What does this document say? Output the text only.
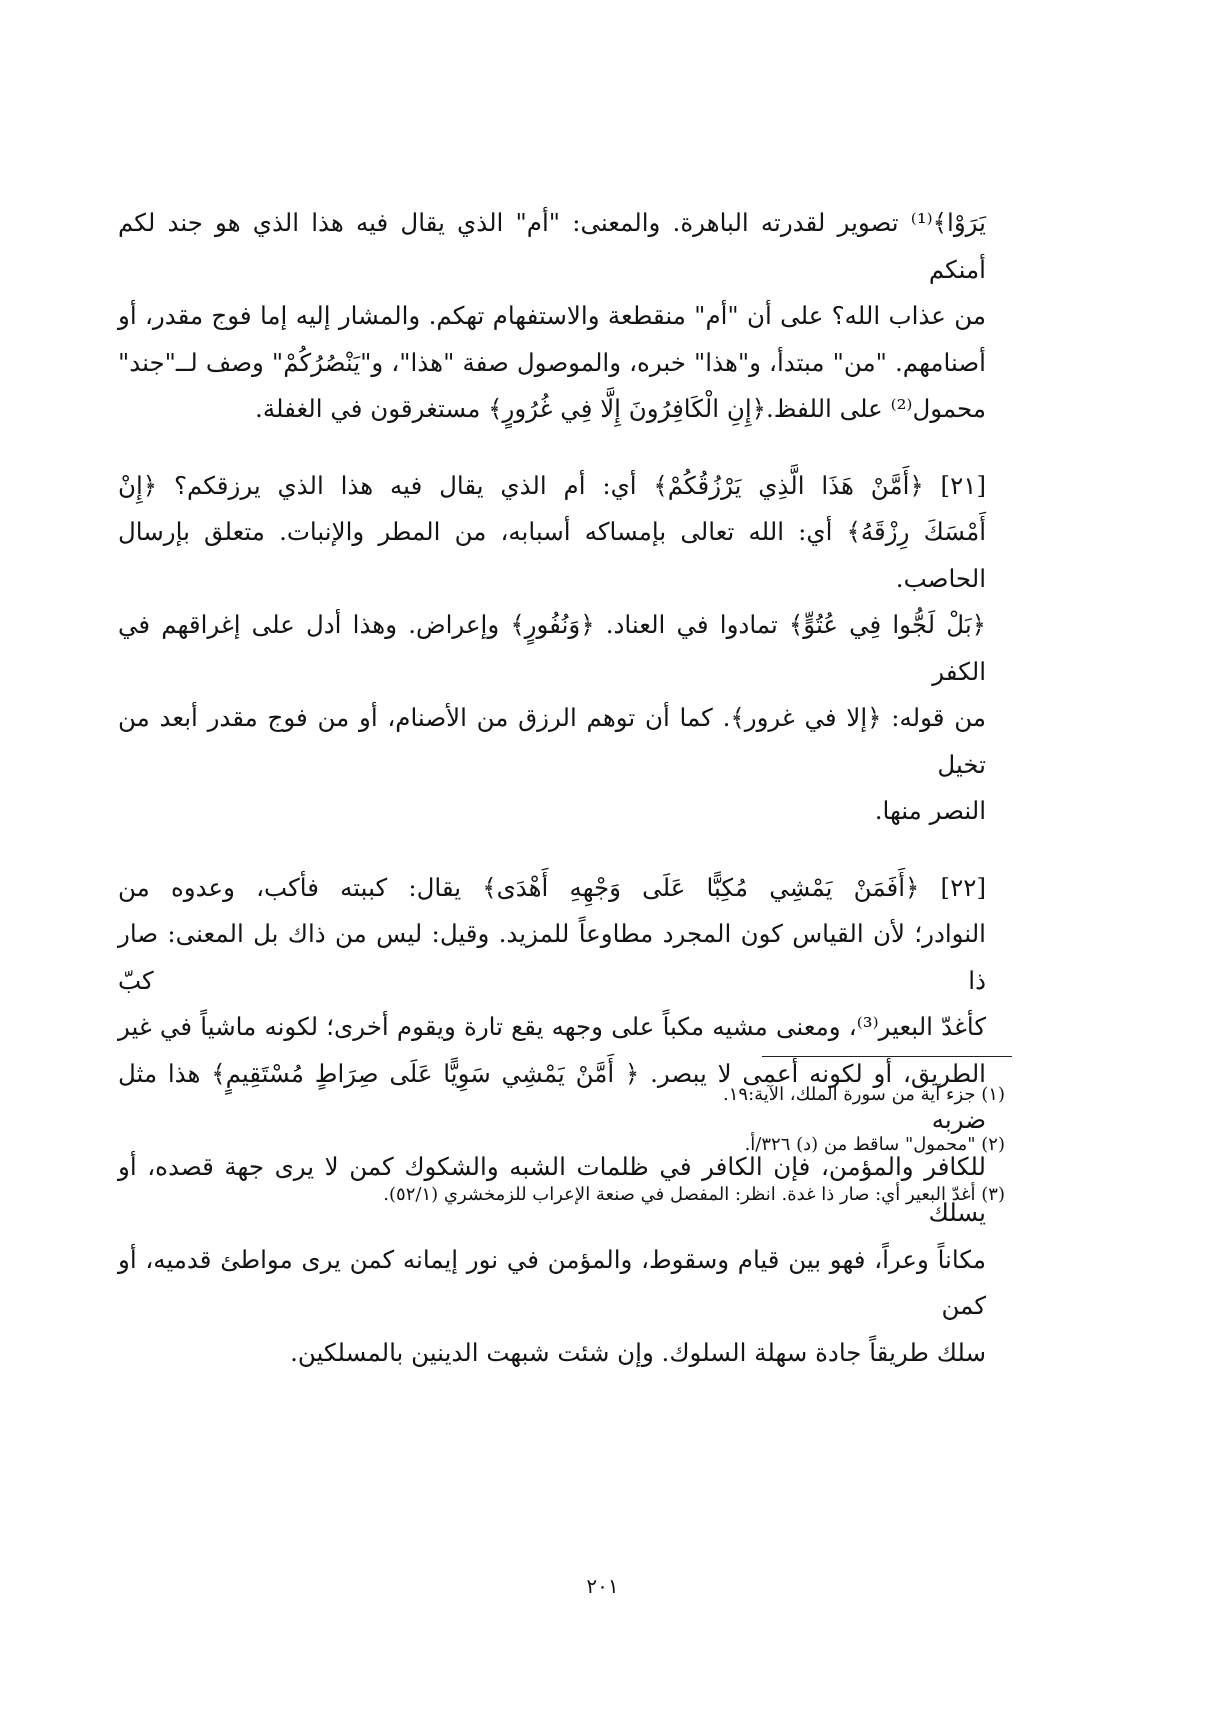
يَرَوْا﴾⁽¹⁾ تصوير لقدرته الباهرة. والمعنى: "أم" الذي يقال فيه هذا الذي هو جند لكم أمنكم
من عذاب الله؟ على أن "أم" منقطعة والاستفهام تهكم. والمشار إليه إما فوج مقدر، أو
أصنامهم. "من" مبتدأ، و"هذا" خبره، والموصول صفة "هذا"، و"يَنْصُرُكُمْ" وصف لــ"جند"
محمول⁽²⁾ على اللفظ.﴿إِنِ الْكَافِرُونَ إِلَّا فِي غُرُورٍ﴾ مستغرقون في الغفلة.

[٢١] ﴿أَمَّنْ هَذَا الَّذِي يَرْزُقُكُمْ﴾ أي: أم الذي يقال فيه هذا الذي يرزقكم؟ ﴿إِنْ
أَمْسَكَ رِزْقَهُ﴾ أي: الله تعالى بإمساكه أسبابه، من المطر والإنبات. متعلق بإرسال الحاصب.
﴿بَلْ لَجُّوا فِي عُتُوٍّ﴾ تمادوا في العناد. ﴿وَنُفُورٍ﴾ وإعراض. وهذا أدل على إغراقهم في الكفر
من قوله: ﴿إلا في غرور﴾. كما أن توهم الرزق من الأصنام، أو من فوج مقدر أبعد من تخيل
النصر منها.

[٢٢] ﴿أَفَمَنْ يَمْشِي مُكِبًّا عَلَى وَجْهِهِ أَهْدَى﴾ يقال: كببته فأكب، وعدوه من
النوادر؛ لأن القياس كون المجرد مطاوعاً للمزيد. وقيل: ليس من ذاك بل المعنى: صار ذا كبّ
كأغدّ البعير⁽³⁾، ومعنى مشيه مكباً على وجهه يقع تارة ويقوم أخرى؛ لكونه ماشياً في غير
الطريق، أو لكونه أعمى لا يبصر. ﴿ أَمَّنْ يَمْشِي سَوِيًّا عَلَى صِرَاطٍ مُسْتَقِيمٍ﴾ هذا مثل ضربه
للكافر والمؤمن، فإن الكافر في ظلمات الشبه والشكوك كمن لا يرى جهة قصده، أو يسلك
مكاناً وعراً، فهو بين قيام وسقوط، والمؤمن في نور إيمانه كمن يرى مواطئ قدميه، أو كمن
سلك طريقاً جادة سهلة السلوك. وإن شئت شبهت الدينين بالمسلكين.

(١) جزء آية من سورة الملك، الآية:١٩.
(٢) "محمول" ساقط من (د) ٣٢٦/أ.
(٣) أغدّ البعير أي: صار ذا غدة. انظر: المفصل في صنعة الإعراب للزمخشري (٥٢/١).
٢٠١
